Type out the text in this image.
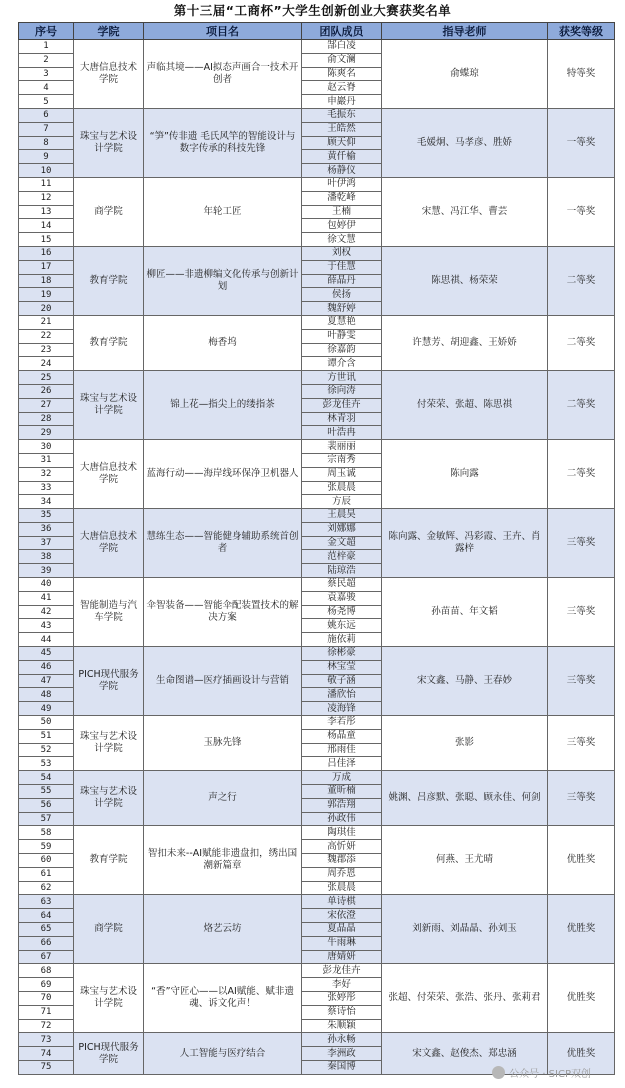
第十三届“工商杯”大学生创新创业大赛获奖名单
序号	学院	项目名	团队成员	指导老师	获奖等级
1	大唐信息技术学院	声临其境——AI拟态声画合一技术开创者	郜白凌	俞蝶琼	特等奖
2			俞文澜		
3			陈爽名		
4			赵云脊		
5			申巖丹		
6	珠宝与艺术设计学院	“笋”传非遗 毛氏风竿的智能设计与数字传承的科技先锋	毛振东	毛媛炯、马孝彦、胜娇	一等奖
7			王皓然		
8			顾天仰		
9			黄仟榆		
10			杨静仪		
11	商学院	年轮工匠	叶伊鸿	宋慧、冯江华、曹芸	一等奖
12			潘乾峰		
13			王楠		
14			包婷伊		
15			徐文慧		
16	教育学院	柳匠——非遗柳编文化传承与创新计划	刘权	陈思祺、杨荣荣	二等奖
17			于佳慧		
18			薛晶丹		
19			侯扬		
20			魏舒婷		
21	教育学院	梅香坞	夏慧艳	许慧芳、胡迎鑫、王娇娇	二等奖
22			叶静雯		
23			徐嘉韵		
24			谭介含		
25	珠宝与艺术设计学院	锦上花—指尖上的缕指茶	方世讯	付荣荣、张超、陈思祺	二等奖
26			徐向涛		
27			彭龙佳卉		
28			林青羽		
29			叶浩冉		
30	大唐信息技术学院	蓝海行动——海岸线环保净卫机器人	裴丽丽	陈向露	二等奖
31			宗南秀		
32			周玉诚		
33			张晨晨		
34			方辰		
35	大唐信息技术学院	慧练生态——智能健身辅助系统首创者	王晨昊	陈向露、金敏辉、冯彩霞、王卉、肖露梓	三等奖
36			刘娜娜		
37			金文超		
38			范梓豪		
39			陆琼浩		
40	智能制造与汽车学院	伞智装备——智能伞配装置技术的解决方案	蔡民超	孙苗苗、年文韬	三等奖
41			袁嘉骏		
42			杨尧博		
43			姚东远		
44			施依莉		
45	PICH现代服务学院	生命图谱—医疗插画设计与营销	徐彬豪	宋文鑫、马静、王春妙	三等奖
46			林宝莹		
47			敬子涵		
48			潘欣怡		
49			凌海锋		
50	珠宝与艺术设计学院	玉脉先锋	李若彤	张影	三等奖
51			杨晶童		
52			邢雨佳		
53			吕佳泽		
54	珠宝与艺术设计学院	声之行	万成	姚渊、吕彦默、张聪、顾永佳、何剑	三等奖
55			董昕楠		
56			郭浩翔		
57			孙政伟		
58	教育学院	智扣未来--AI赋能非遗盘扣，绣出国潮新篇章	陶琪佳	何燕、王尤晴	优胜奖
59			高忻妍		
60			魏郡添		
61			周乔恩		
62			张晨晨		
63	商学院	烙艺云坊	单诗棋	刘新雨、刘晶晶、孙刘玉	优胜奖
64			宋依澄		
65			夏晶晶		
66			牛雨琳		
67			唐婧妍		
68	珠宝与艺术设计学院	“香”守匠心——以AI赋能、赋非遗魂、诉文化声！	彭龙佳卉	张超、付荣荣、张浩、张丹、张莉君	优胜奖
69			李好		
70			张婷彤		
71			蔡诗怡		
72			朱顺颖		
73	PICH现代服务学院	人工智能与医疗结合	孙永畅	宋文鑫、赵俊杰、郑忠涵	优胜奖
74			李洲政		
75			秦国博		
公众号 · SICP双创
